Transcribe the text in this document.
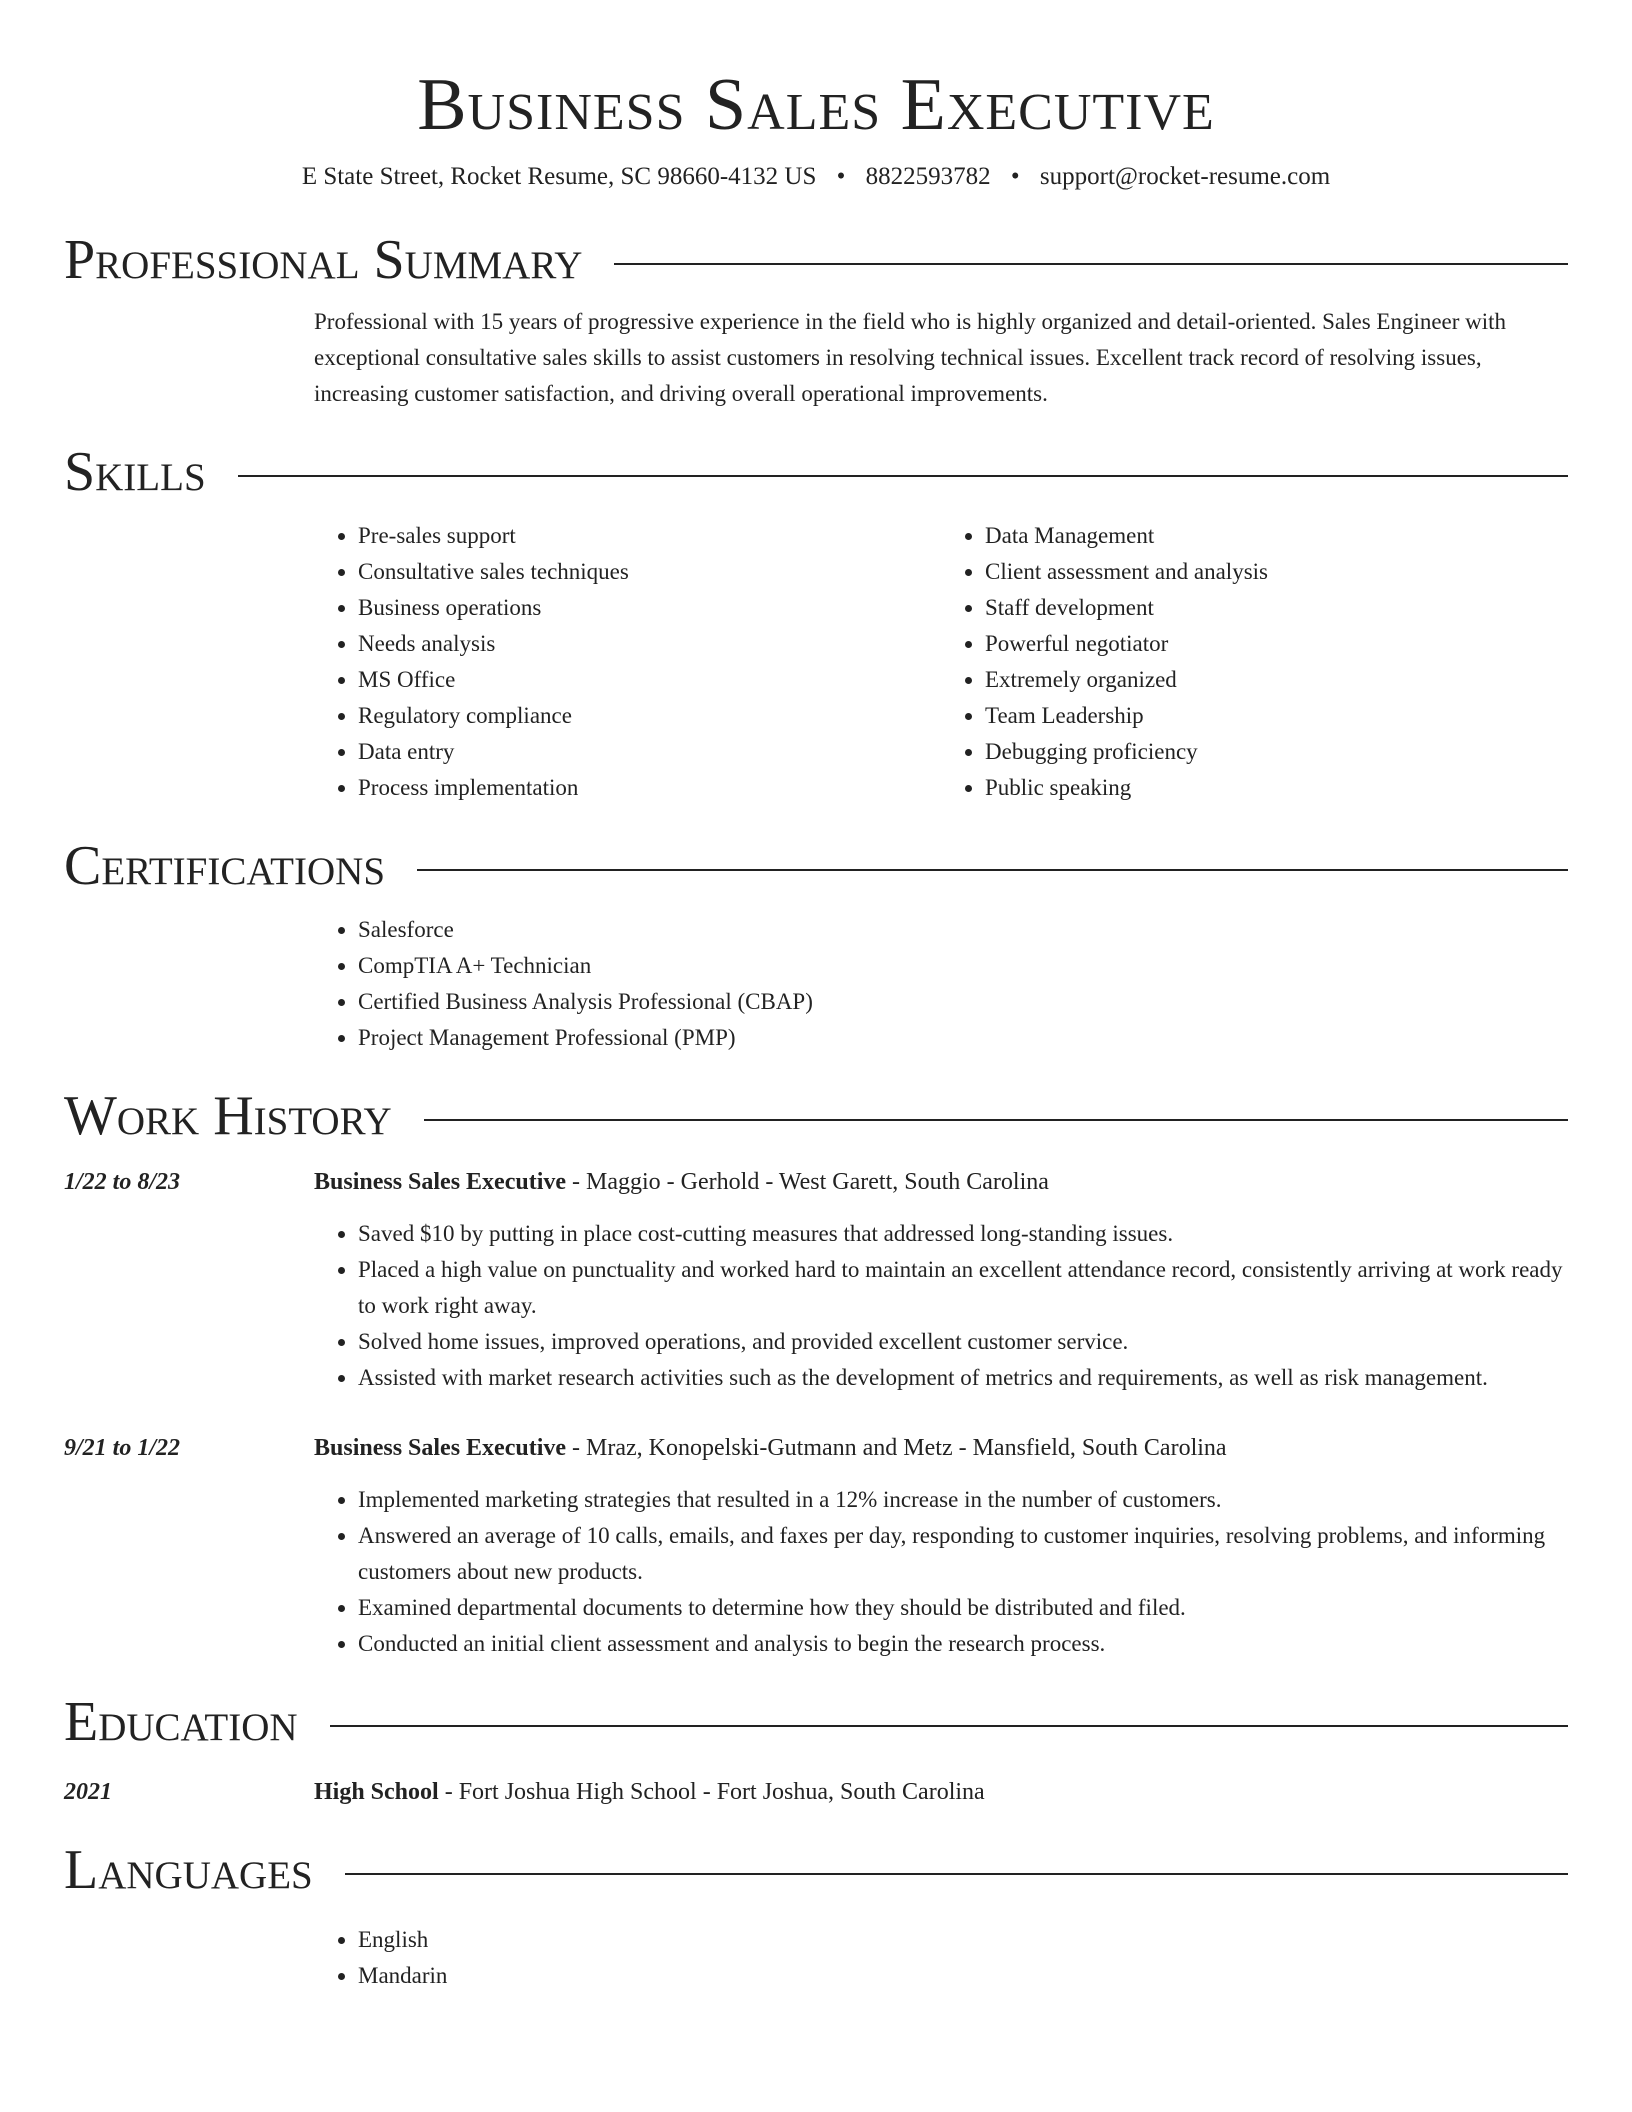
Business Sales Executive
E State Street, Rocket Resume, SC 98660-4132 US • 8822593782 • support@rocket-resume.com
Professional Summary
Professional with 15 years of progressive experience in the field who is highly organized and detail-oriented. Sales Engineer with exceptional consultative sales skills to assist customers in resolving technical issues. Excellent track record of resolving issues, increasing customer satisfaction, and driving overall operational improvements.
Skills
• Pre-sales support
• Consultative sales techniques
• Business operations
• Needs analysis
• MS Office
• Regulatory compliance
• Data entry
• Process implementation
• Data Management
• Client assessment and analysis
• Staff development
• Powerful negotiator
• Extremely organized
• Team Leadership
• Debugging proficiency
• Public speaking
Certifications
• Salesforce
• CompTIA A+ Technician
• Certified Business Analysis Professional (CBAP)
• Project Management Professional (PMP)
Work History
1/22 to 8/23	Business Sales Executive - Maggio - Gerhold - West Garett, South Carolina
• Saved $10 by putting in place cost-cutting measures that addressed long-standing issues.
• Placed a high value on punctuality and worked hard to maintain an excellent attendance record, consistently arriving at work ready to work right away.
• Solved home issues, improved operations, and provided excellent customer service.
• Assisted with market research activities such as the development of metrics and requirements, as well as risk management.
9/21 to 1/22	Business Sales Executive - Mraz, Konopelski-Gutmann and Metz - Mansfield, South Carolina
• Implemented marketing strategies that resulted in a 12% increase in the number of customers.
• Answered an average of 10 calls, emails, and faxes per day, responding to customer inquiries, resolving problems, and informing customers about new products.
• Examined departmental documents to determine how they should be distributed and filed.
• Conducted an initial client assessment and analysis to begin the research process.
Education
2021	High School - Fort Joshua High School - Fort Joshua, South Carolina
Languages
• English
• Mandarin
